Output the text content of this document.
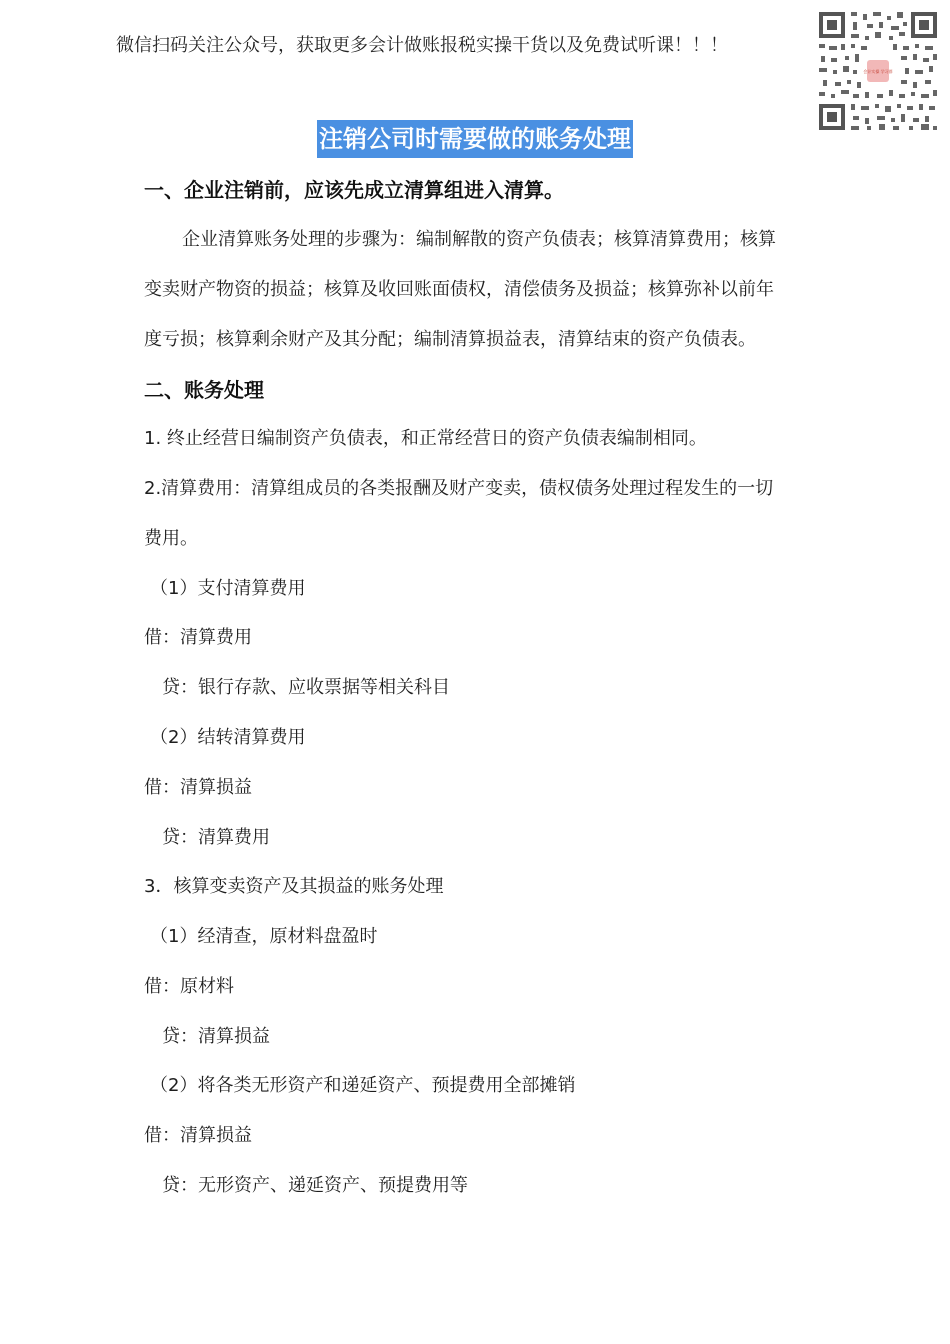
微信扫码关注公众号，获取更多会计做账报税实操干货以及免费试听课！！！
会计实操 学习群
注销公司时需要做的账务处理
一、企业注销前，应该先成立清算组进入清算。
企业清算账务处理的步骤为：编制解散的资产负债表；核算清算费用；核算
变卖财产物资的损益；核算及收回账面债权，清偿债务及损益；核算弥补以前年
度亏损；核算剩余财产及其分配；编制清算损益表，清算结束的资产负债表。
二、账务处理
1. 终止经营日编制资产负债表，和正常经营日的资产负债表编制相同。
2.清算费用：清算组成员的各类报酬及财产变卖，债权债务处理过程发生的一切
费用。
（1）支付清算费用
借：清算费用
贷：银行存款、应收票据等相关科目
（2）结转清算费用
借：清算损益
贷：清算费用
3．核算变卖资产及其损益的账务处理
（1）经清查，原材料盘盈时
借：原材料
贷：清算损益
（2）将各类无形资产和递延资产、预提费用全部摊销
借：清算损益
贷：无形资产、递延资产、预提费用等
